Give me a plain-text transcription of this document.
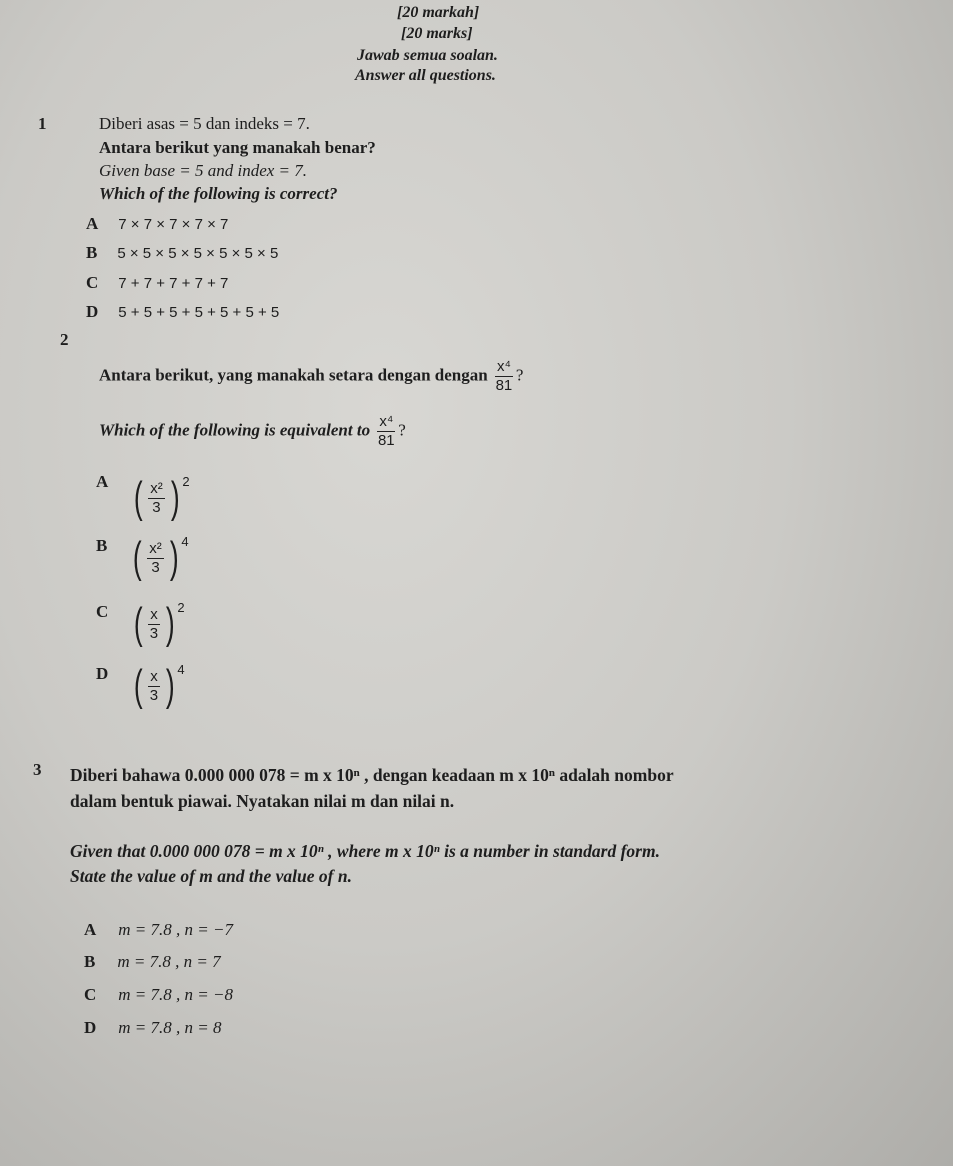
[20 markah]
[20 marks]
Jawab semua soalan.
Answer all questions.
1	Diberi asas = 5 dan indeks = 7.
Antara berikut yang manakah benar?
Given base = 5 and index = 7.
Which of the following is correct?
A 7 × 7 × 7 × 7 × 7
B 5 × 5 × 5 × 5 × 5 × 5 × 5
C 7 + 7 + 7 + 7 + 7
D 5 + 5 + 5 + 5 + 5 + 5 + 5
2
Antara berikut, yang manakah setara dengan dengan $\frac{\text{x⁴}}{81}$ ?
Which of the following is equivalent to $\frac{\text{x⁴}}{81}$ ?
A ( $\frac{\text{x²}}{3} )^2$
B ( $\frac{\text{x²}}{3} )^4$
C ( $\frac{x}{3} )^2$
D ( $\frac{x}{3} )^4$
3 Diberi bahawa 0.000 000 078 = m x 10ⁿ , dengan keadaan m x 10ⁿ adalah nombor
dalam bentuk piawai. Nyatakan nilai m dan nilai n.
Given that 0.000 000 078 = m x 10ⁿ , where m x 10ⁿ is a number in standard form.
State the value of m and the value of n.
A m = 7.8 , n = −7
B m = 7.8 , n = 7
C m = 7.8 , n = −8
D m = 7.8 , n = 8
